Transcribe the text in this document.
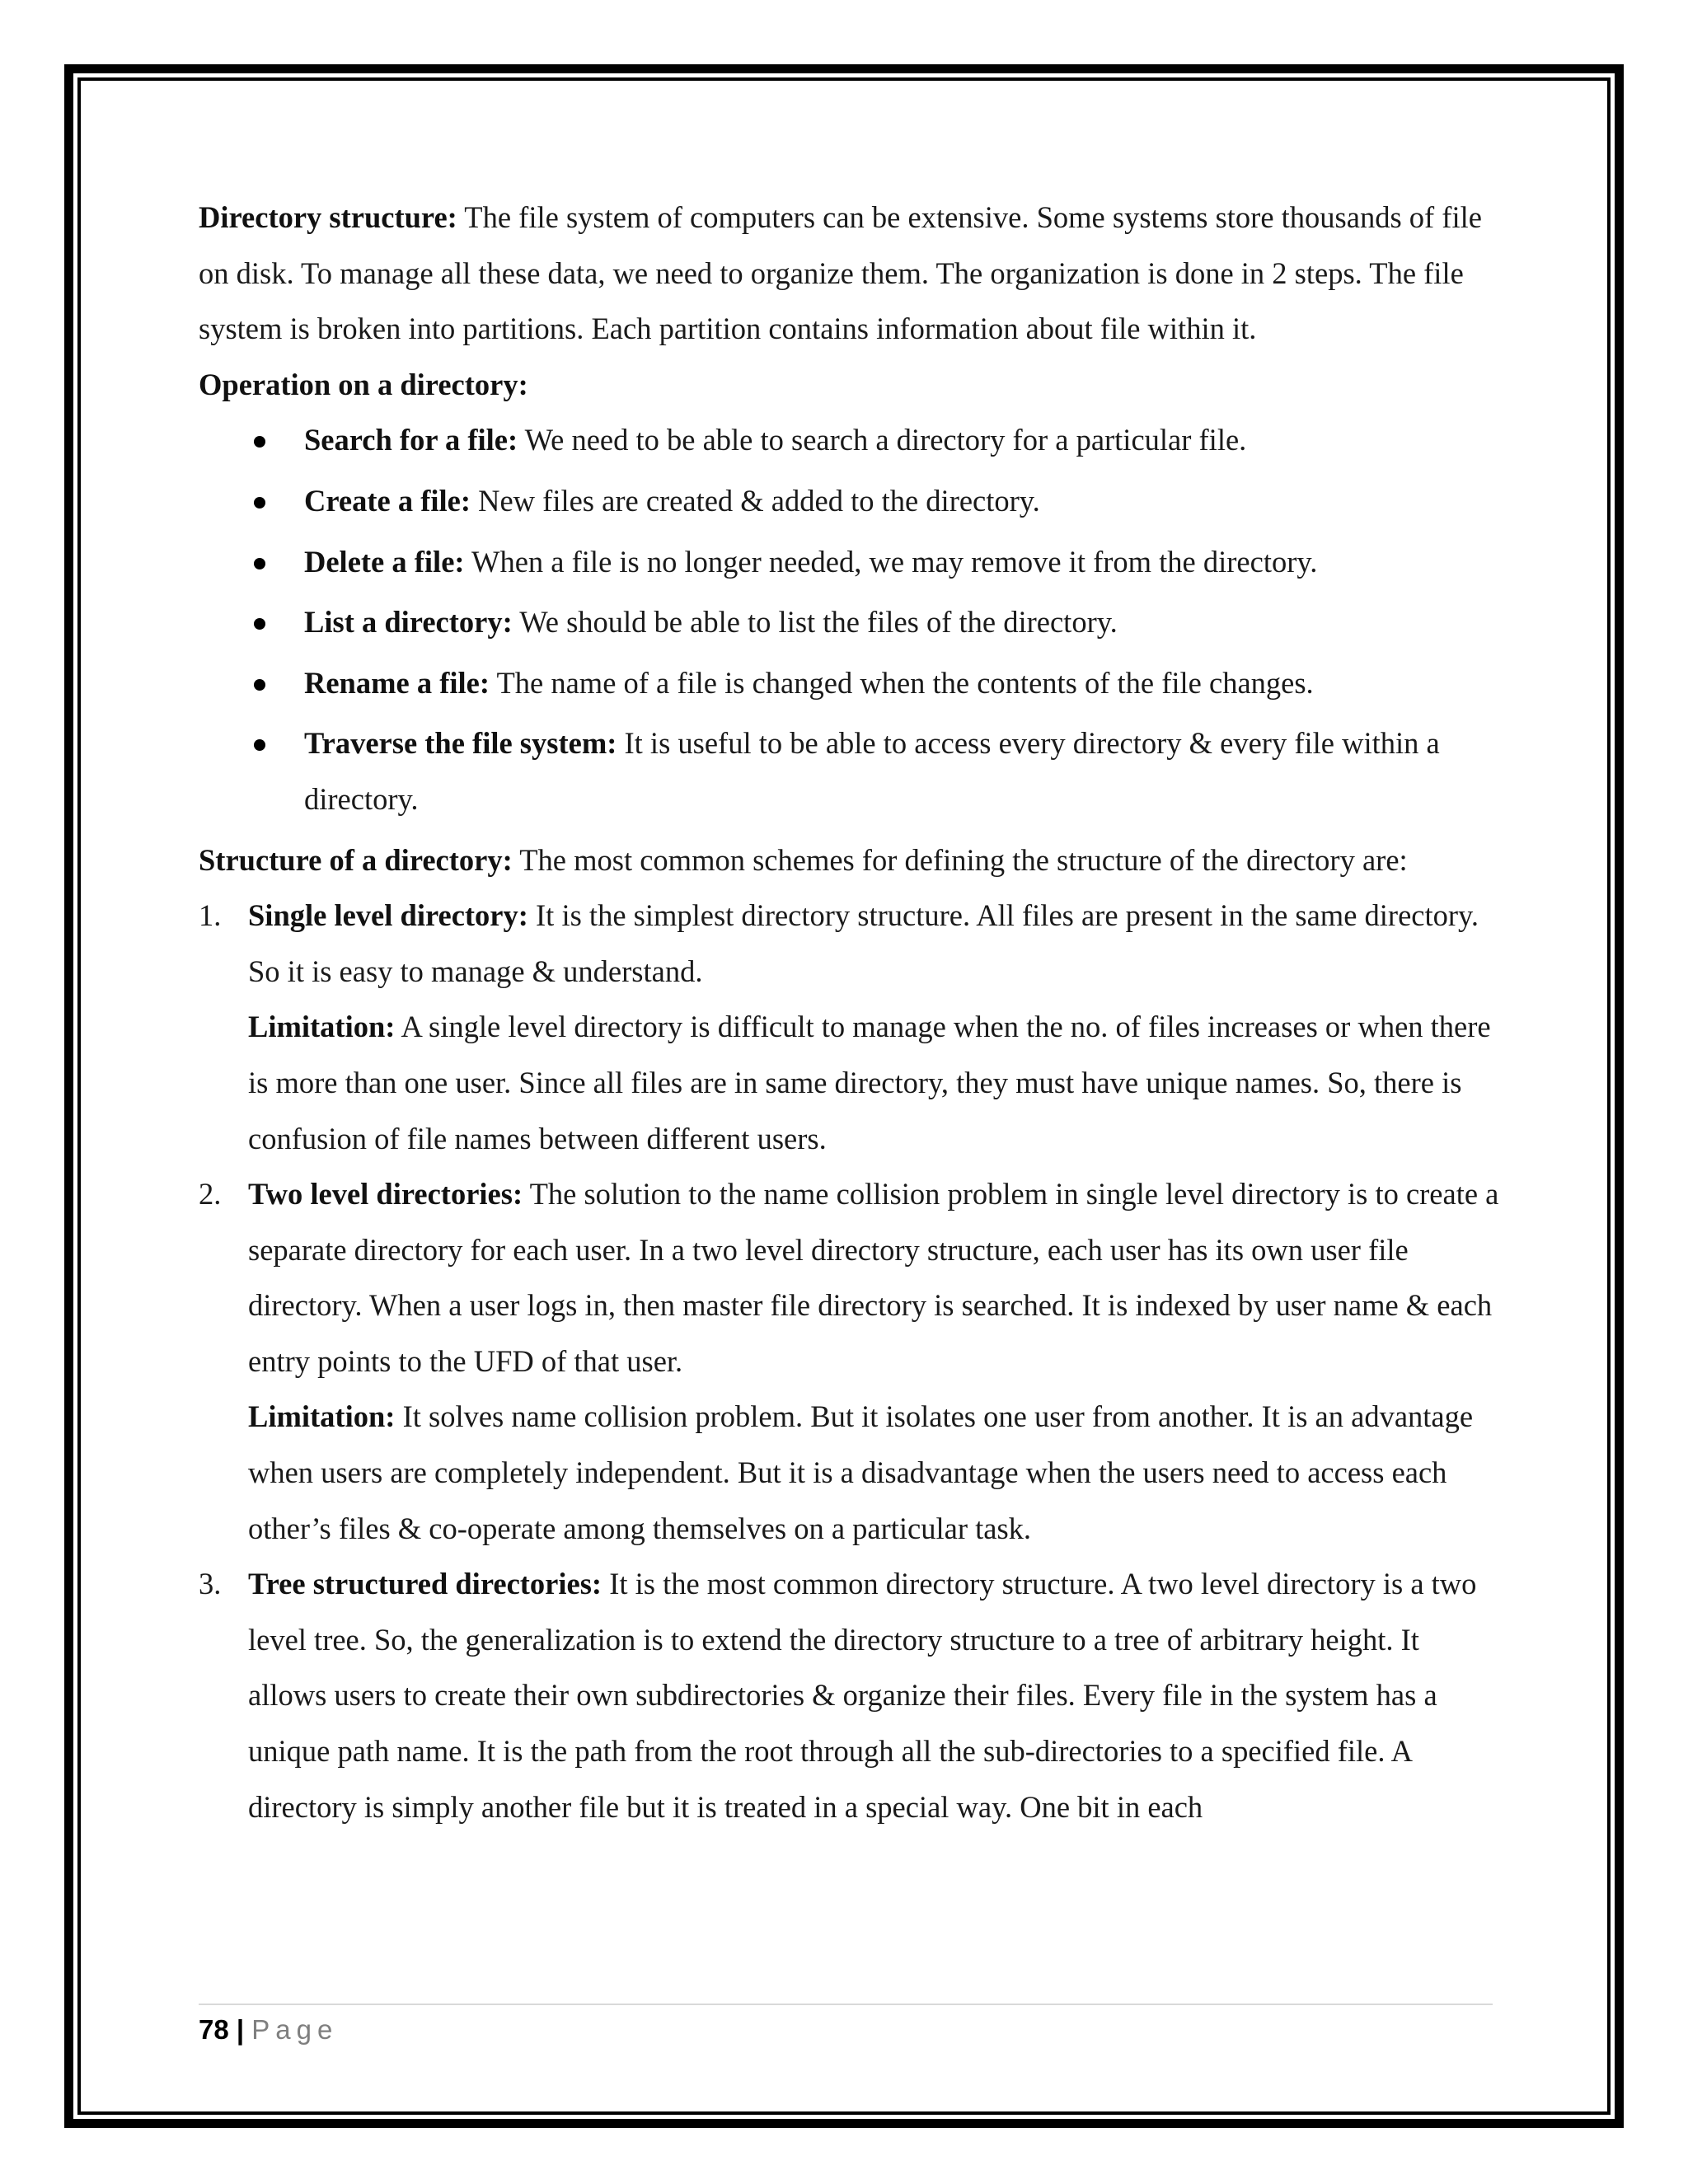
Directory structure: The file system of computers can be extensive. Some systems store thousands of file on disk. To manage all these data, we need to organize them. The organization is done in 2 steps. The file system is broken into partitions. Each partition contains information about file within it.

Operation on a directory:

Search for a file: We need to be able to search a directory for a particular file.
Create a file: New files are created & added to the directory.
Delete a file: When a file is no longer needed, we may remove it from the directory.
List a directory: We should be able to list the files of the directory.
Rename a file: The name of a file is changed when the contents of the file changes.
Traverse the file system: It is useful to be able to access every directory & every file within a directory.

Structure of a directory: The most common schemes for defining the structure of the directory are:

1. Single level directory: It is the simplest directory structure. All files are present in the same directory. So it is easy to manage & understand.

Limitation: A single level directory is difficult to manage when the no. of files increases or when there is more than one user. Since all files are in same directory, they must have unique names. So, there is confusion of file names between different users.

2. Two level directories: The solution to the name collision problem in single level directory is to create a separate directory for each user. In a two level directory structure, each user has its own user file directory. When a user logs in, then master file directory is searched. It is indexed by user name & each entry points to the UFD of that user.

Limitation: It solves name collision problem. But it isolates one user from another. It is an advantage when users are completely independent. But it is a disadvantage when the users need to access each other’s files & co-operate among themselves on a particular task.

3. Tree structured directories: It is the most common directory structure. A two level directory is a two level tree. So, the generalization is to extend the directory structure to a tree of arbitrary height. It allows users to create their own subdirectories & organize their files. Every file in the system has a unique path name. It is the path from the root through all the sub-directories to a specified file. A directory is simply another file but it is treated in a special way. One bit in each

78 | Page
